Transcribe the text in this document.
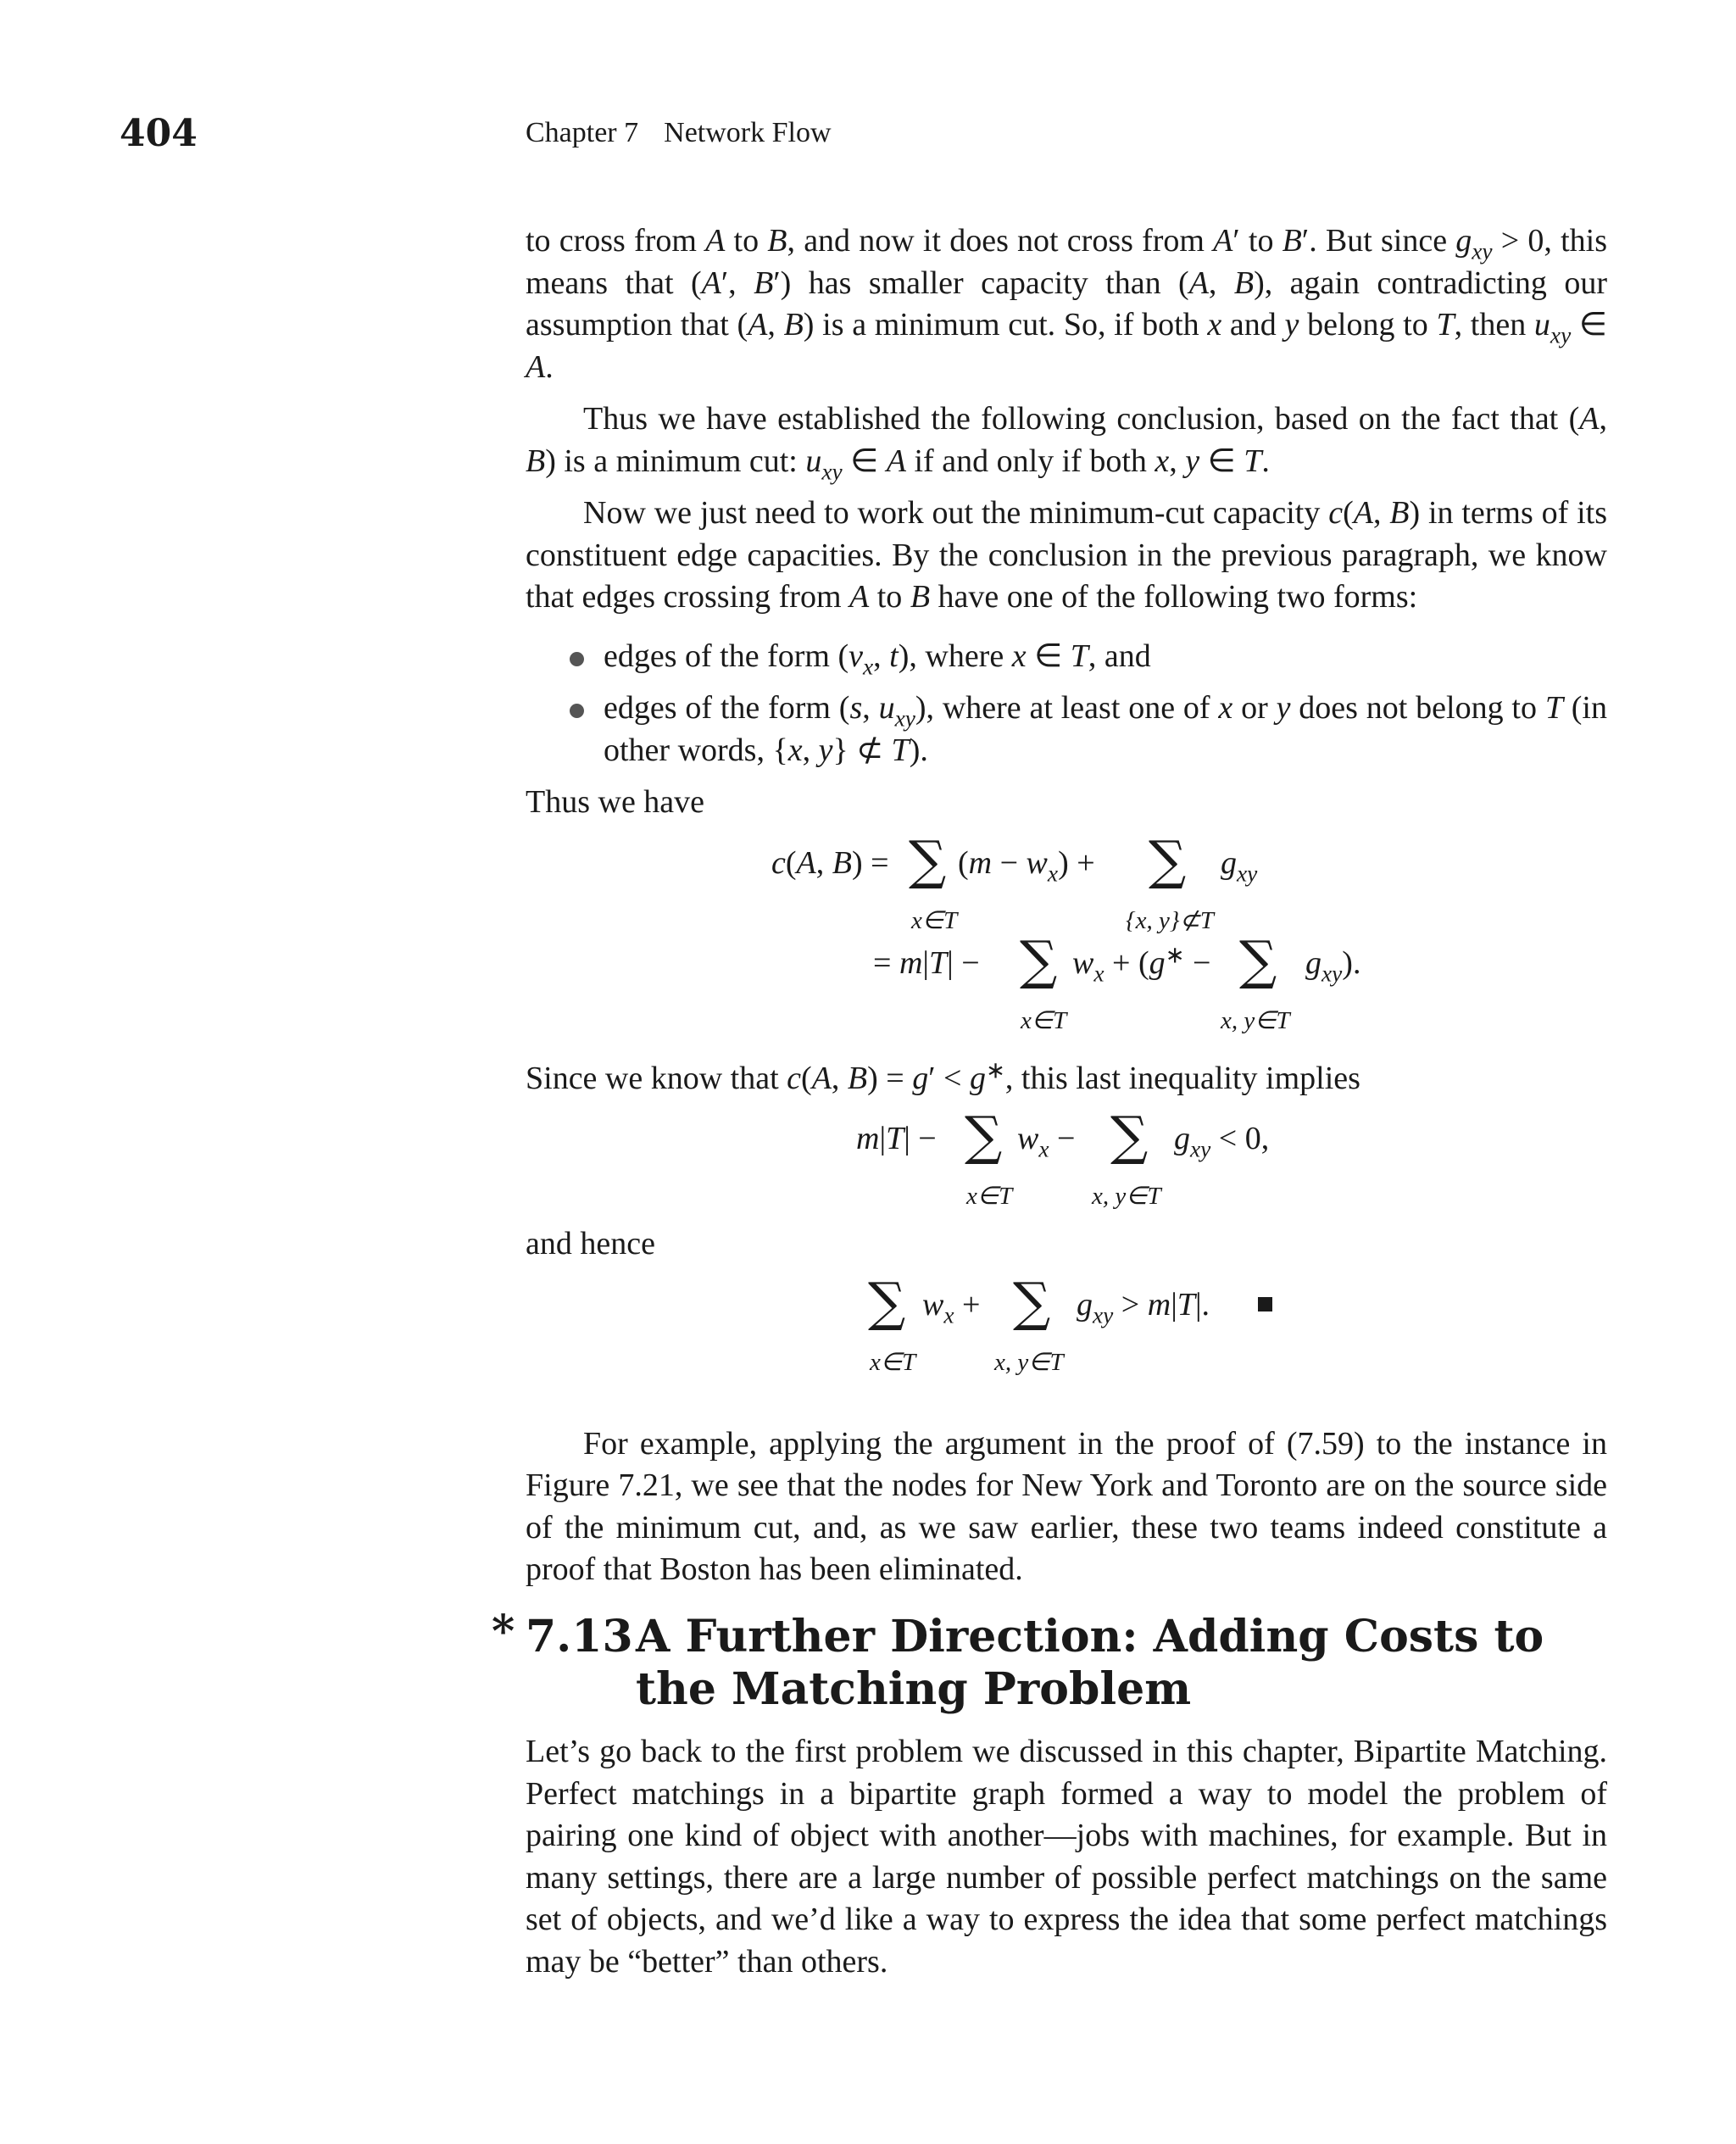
404	Chapter 7 Network Flow

to cross from A to B, and now it does not cross from A′ to B′. But since $g_{xy} > 0$, this means that (A′, B′) has smaller capacity than (A, B), again contradicting our assumption that (A, B) is a minimum cut. So, if both x and y belong to T, then $u_{xy}$ ∈ A.

Thus we have established the following conclusion, based on the fact that (A, B) is a minimum cut: $u_{xy}$ ∈ A if and only if both x, y ∈ T.

Now we just need to work out the minimum-cut capacity c(A, B) in terms of its constituent edge capacities. By the conclusion in the previous paragraph, we know that edges crossing from A to B have one of the following two forms:

edges of the form ($v_x$, t), where x ∈ T, and
edges of the form (s, $u_{xy}$), where at least one of x or y does not belong to T (in other words, {x, y} ⊄ T).

Thus we have

c(A, B) = ∑
x∈T
$(m - w_x)$ + ∑
{x, y}⊄T
$g_{xy}$
= m|T| − ∑
x∈T
$w_x + (g^∗$ − ∑
x, y∈T
$g_{xy}$).

Since we know that c(A, B) = g′ < g∗, this last inequality implies

m|T| − ∑
x∈T
$w_x$ − ∑
x, y∈T
$g_{xy} < 0$,

and hence

∑
x∈T
$w_x$ + ∑
x, y∈T
$g_{xy} > m|T|$.

For example, applying the argument in the proof of (7.59) to the instance in Figure 7.21, we see that the nodes for New York and Toronto are on the source side of the minimum cut, and, as we saw earlier, these two teams indeed constitute a proof that Boston has been eliminated.

* 7.13 A Further Direction: Adding Costs to the Matching Problem

Let’s go back to the first problem we discussed in this chapter, Bipartite Matching. Perfect matchings in a bipartite graph formed a way to model the problem of pairing one kind of object with another—jobs with machines, for example. But in many settings, there are a large number of possible perfect matchings on the same set of objects, and we’d like a way to express the idea that some perfect matchings may be “better” than others.
